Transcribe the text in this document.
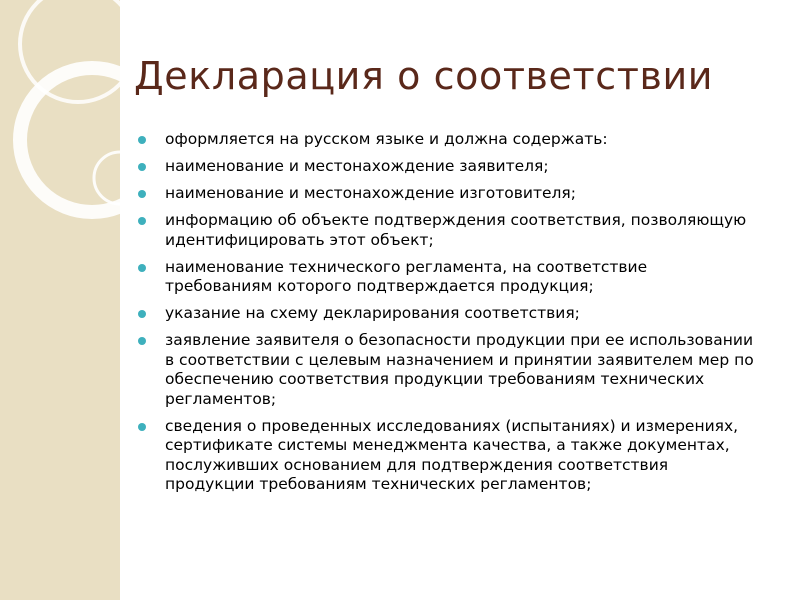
Декларация о соответствии
оформляется на русском языке и должна содержать:
наименование и местонахождение заявителя;
наименование и местонахождение изготовителя;
информацию об объекте подтверждения соответствия, позволяющую идентифицировать этот объект;
наименование технического регламента, на соответствие требованиям которого подтверждается продукция;
указание на схему декларирования соответствия;
заявление заявителя о безопасности продукции при ее использовании в соответствии с целевым назначением и принятии заявителем мер по обеспечению соответствия продукции требованиям технических регламентов;
сведения о проведенных исследованиях (испытаниях) и измерениях, сертификате системы менеджмента качества, а также документах, послуживших основанием для подтверждения соответствия продукции требованиям технических регламентов;
